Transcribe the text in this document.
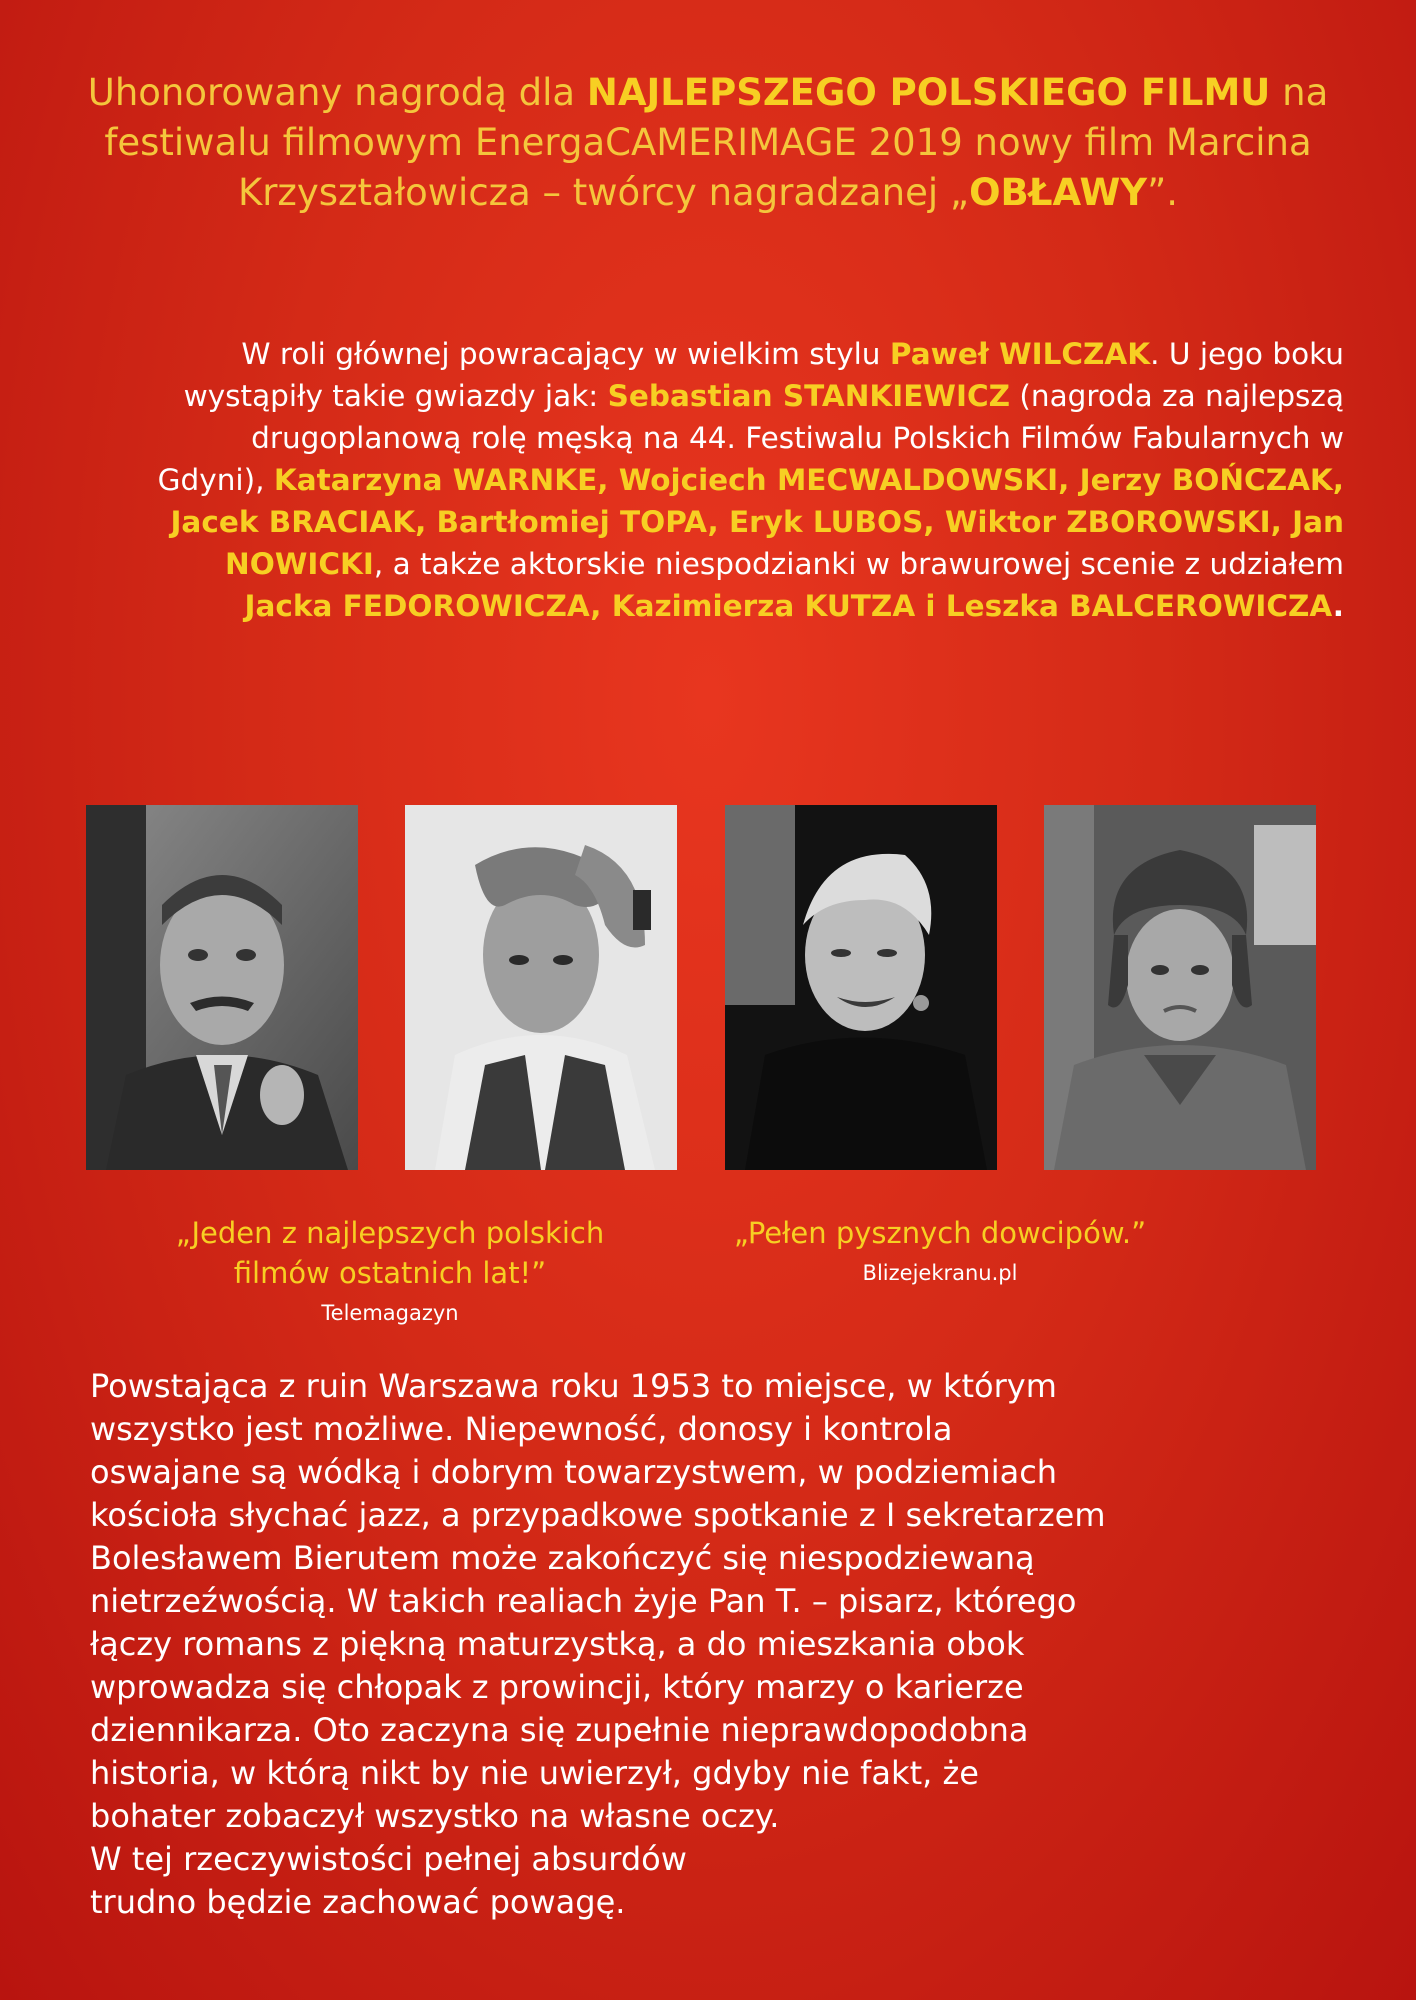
Uhonorowany nagrodą dla NAJLEPSZEGO POLSKIEGO FILMU na festiwalu filmowym EnergaCAMERIMAGE 2019 nowy film Marcina Krzyształowicza – twórcy nagradzanej „OBŁAWY”.

W roli głównej powracający w wielkim stylu Paweł WILCZAK. U jego boku wystąpiły takie gwiazdy jak: Sebastian STANKIEWICZ (nagroda za najlepszą drugoplanową rolę męską na 44. Festiwalu Polskich Filmów Fabularnych w Gdyni), Katarzyna WARNKE, Wojciech MECWALDOWSKI, Jerzy BOŃCZAK, Jacek BRACIAK, Bartłomiej TOPA, Eryk LUBOS, Wiktor ZBOROWSKI, Jan NOWICKI, a także aktorskie niespodzianki w brawurowej scenie z udziałem Jacka FEDOROWICZA, Kazimierza KUTZA i Leszka BALCEROWICZA.

„Jeden z najlepszych polskich filmów ostatnich lat!”
Telemagazyn
„Pełen pysznych dowcipów.”
Blizejekranu.pl

Powstająca z ruin Warszawa roku 1953 to miejsce, w którym
wszystko jest możliwe. Niepewność, donosy i kontrola
oswajane są wódką i dobrym towarzystwem, w podziemiach
kościoła słychać jazz, a przypadkowe spotkanie z I sekretarzem
Bolesławem Bierutem może zakończyć się niespodziewaną
nietrzeźwością. W takich realiach żyje Pan T. – pisarz, którego
łączy romans z piękną maturzystką, a do mieszkania obok
wprowadza się chłopak z prowincji, który marzy o karierze
dziennikarza. Oto zaczyna się zupełnie nieprawdopodobna
historia, w którą nikt by nie uwierzył, gdyby nie fakt, że
bohater zobaczył wszystko na własne oczy.
W tej rzeczywistości pełnej absurdów
trudno będzie zachować powagę.
